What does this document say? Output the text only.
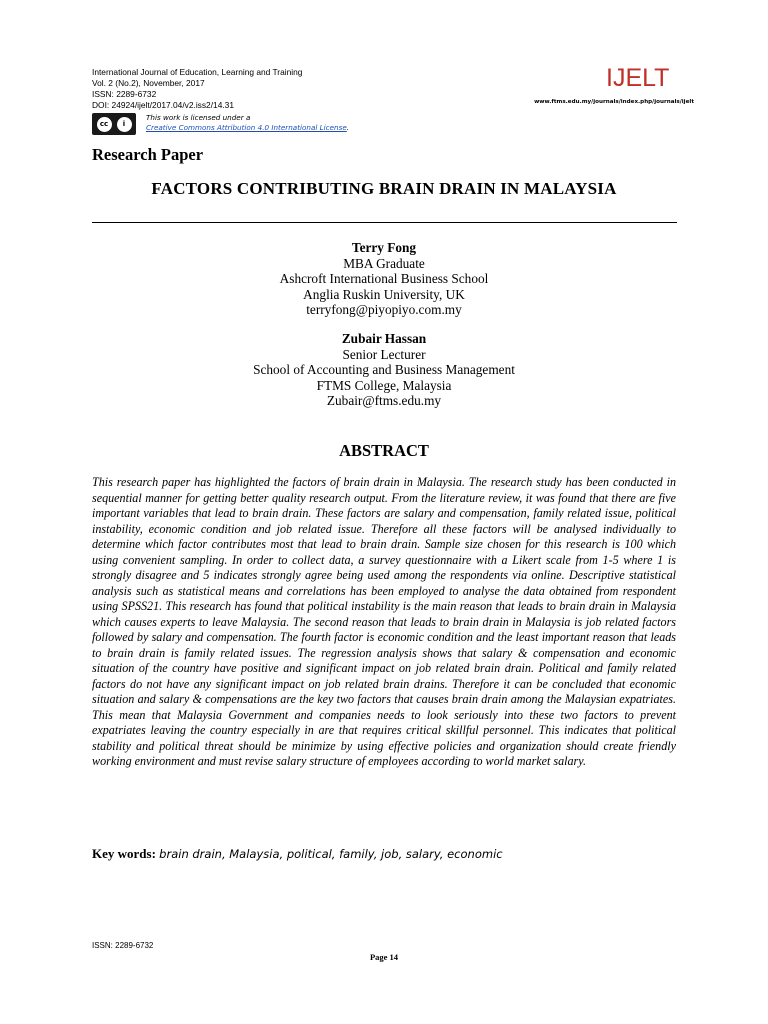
International Journal of Education, Learning and Training
Vol. 2 (No.2), November, 2017
ISSN: 2289-6732
DOI: 24924/ijelt/2017.04/v2.iss2/14.31
cc	i
This work is licensed under a
Creative Commons Attribution 4.0 International License.
IJELT
www.ftms.edu.my/journals/index.php/journals/ijelt
Research Paper
FACTORS CONTRIBUTING BRAIN DRAIN IN MALAYSIA
Terry Fong
MBA Graduate
Ashcroft International Business School
Anglia Ruskin University, UK
terryfong@piyopiyo.com.my
Zubair Hassan
Senior Lecturer
School of Accounting and Business Management
FTMS College, Malaysia
Zubair@ftms.edu.my
ABSTRACT
This research paper has highlighted the factors of brain drain in Malaysia. The research study has been conducted in sequential manner for getting better quality research output. From the literature review, it was found that there are five important variables that lead to brain drain. These factors are salary and compensation, family related issue, political instability, economic condition and job related issue. Therefore all these factors will be analysed individually to determine which factor contributes most that lead to brain drain. Sample size chosen for this research is 100 which using convenient sampling. In order to collect data, a survey questionnaire with a Likert scale from 1-5 where 1 is strongly disagree and 5 indicates strongly agree being used among the respondents via online. Descriptive statistical analysis such as statistical means and correlations has been employed to analyse the data obtained from respondent using SPSS21. This research has found that political instability is the main reason that leads to brain drain in Malaysia which causes experts to leave Malaysia. The second reason that leads to brain drain in Malaysia is job related factors followed by salary and compensation. The fourth factor is economic condition and the least important reason that leads to brain drain is family related issues. The regression analysis shows that salary & compensation and economic situation of the country have positive and significant impact on job related brain drain. Political and family related factors do not have any significant impact on job related brain drains. Therefore it can be concluded that economic situation and salary & compensations are the key two factors that causes brain drain among the Malaysian expatriates. This mean that Malaysia Government and companies needs to look seriously into these two factors to prevent expatriates leaving the country especially in are that requires critical skillful personnel. This indicates that political stability and political threat should be minimize by using effective policies and organization should create friendly working environment and must revise salary structure of employees according to world market salary.
Key words: brain drain, Malaysia, political, family, job, salary, economic
ISSN: 2289-6732
Page 14
